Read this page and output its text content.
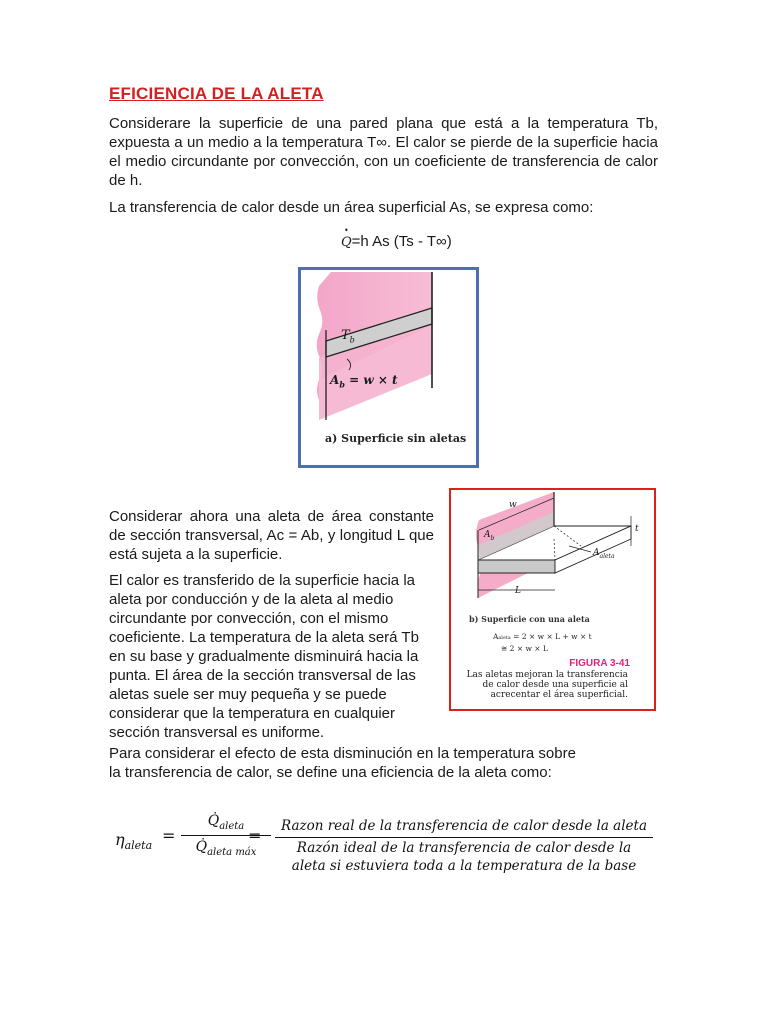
EFICIENCIA DE LA ALETA
Considerare la superficie de una pared plana que está a la temperatura Tb, expuesta a un medio a la temperatura T∞. El calor se pierde de la superficie hacia el medio circundante por convección, con un coeficiente de transferencia de calor de h.
La transferencia de calor desde un área superficial As, se expresa como:
• Q=h As (Ts - T∞)
$T_b$
$A_b = w \times t$
a) Superficie sin aletas
Considerar ahora una aleta de área constante de sección transversal, Ac = Ab, y longitud L que está sujeta a la superficie.
El calor es transferido de la superficie hacia la aleta por conducción y de la aleta al medio circundante por convección, con el mismo coeficiente. La temperatura de la aleta será Tb en su base y gradualmente disminuirá hacia la punta. El área de la sección transversal de las aletas suele ser muy pequeña y se puede considerar que la temperatura en cualquier sección transversal es uniforme.
w
t
L
$A_b$
$A_{aleta}$
b) Superficie con una aleta
Aₐₗₑₜₐ = 2 × w × L + w × t
≅ 2 × w × L
FIGURA 3-41
Las aletas mejoran la transferencia de calor desde una superficie al acrecentar el área superficial.
Para considerar el efecto de esta disminución en la temperatura sobre la transferencia de calor, se define una eficiencia de la aleta como:
$\eta_{aleta}$
=
$Q̇_{aleta}$
$Q̇_{aleta máx}$
=	Razon real de la transferencia de calor desde la aleta
Razón ideal de la transferencia de calor desde la
aleta si estuviera toda a la temperatura de la base
